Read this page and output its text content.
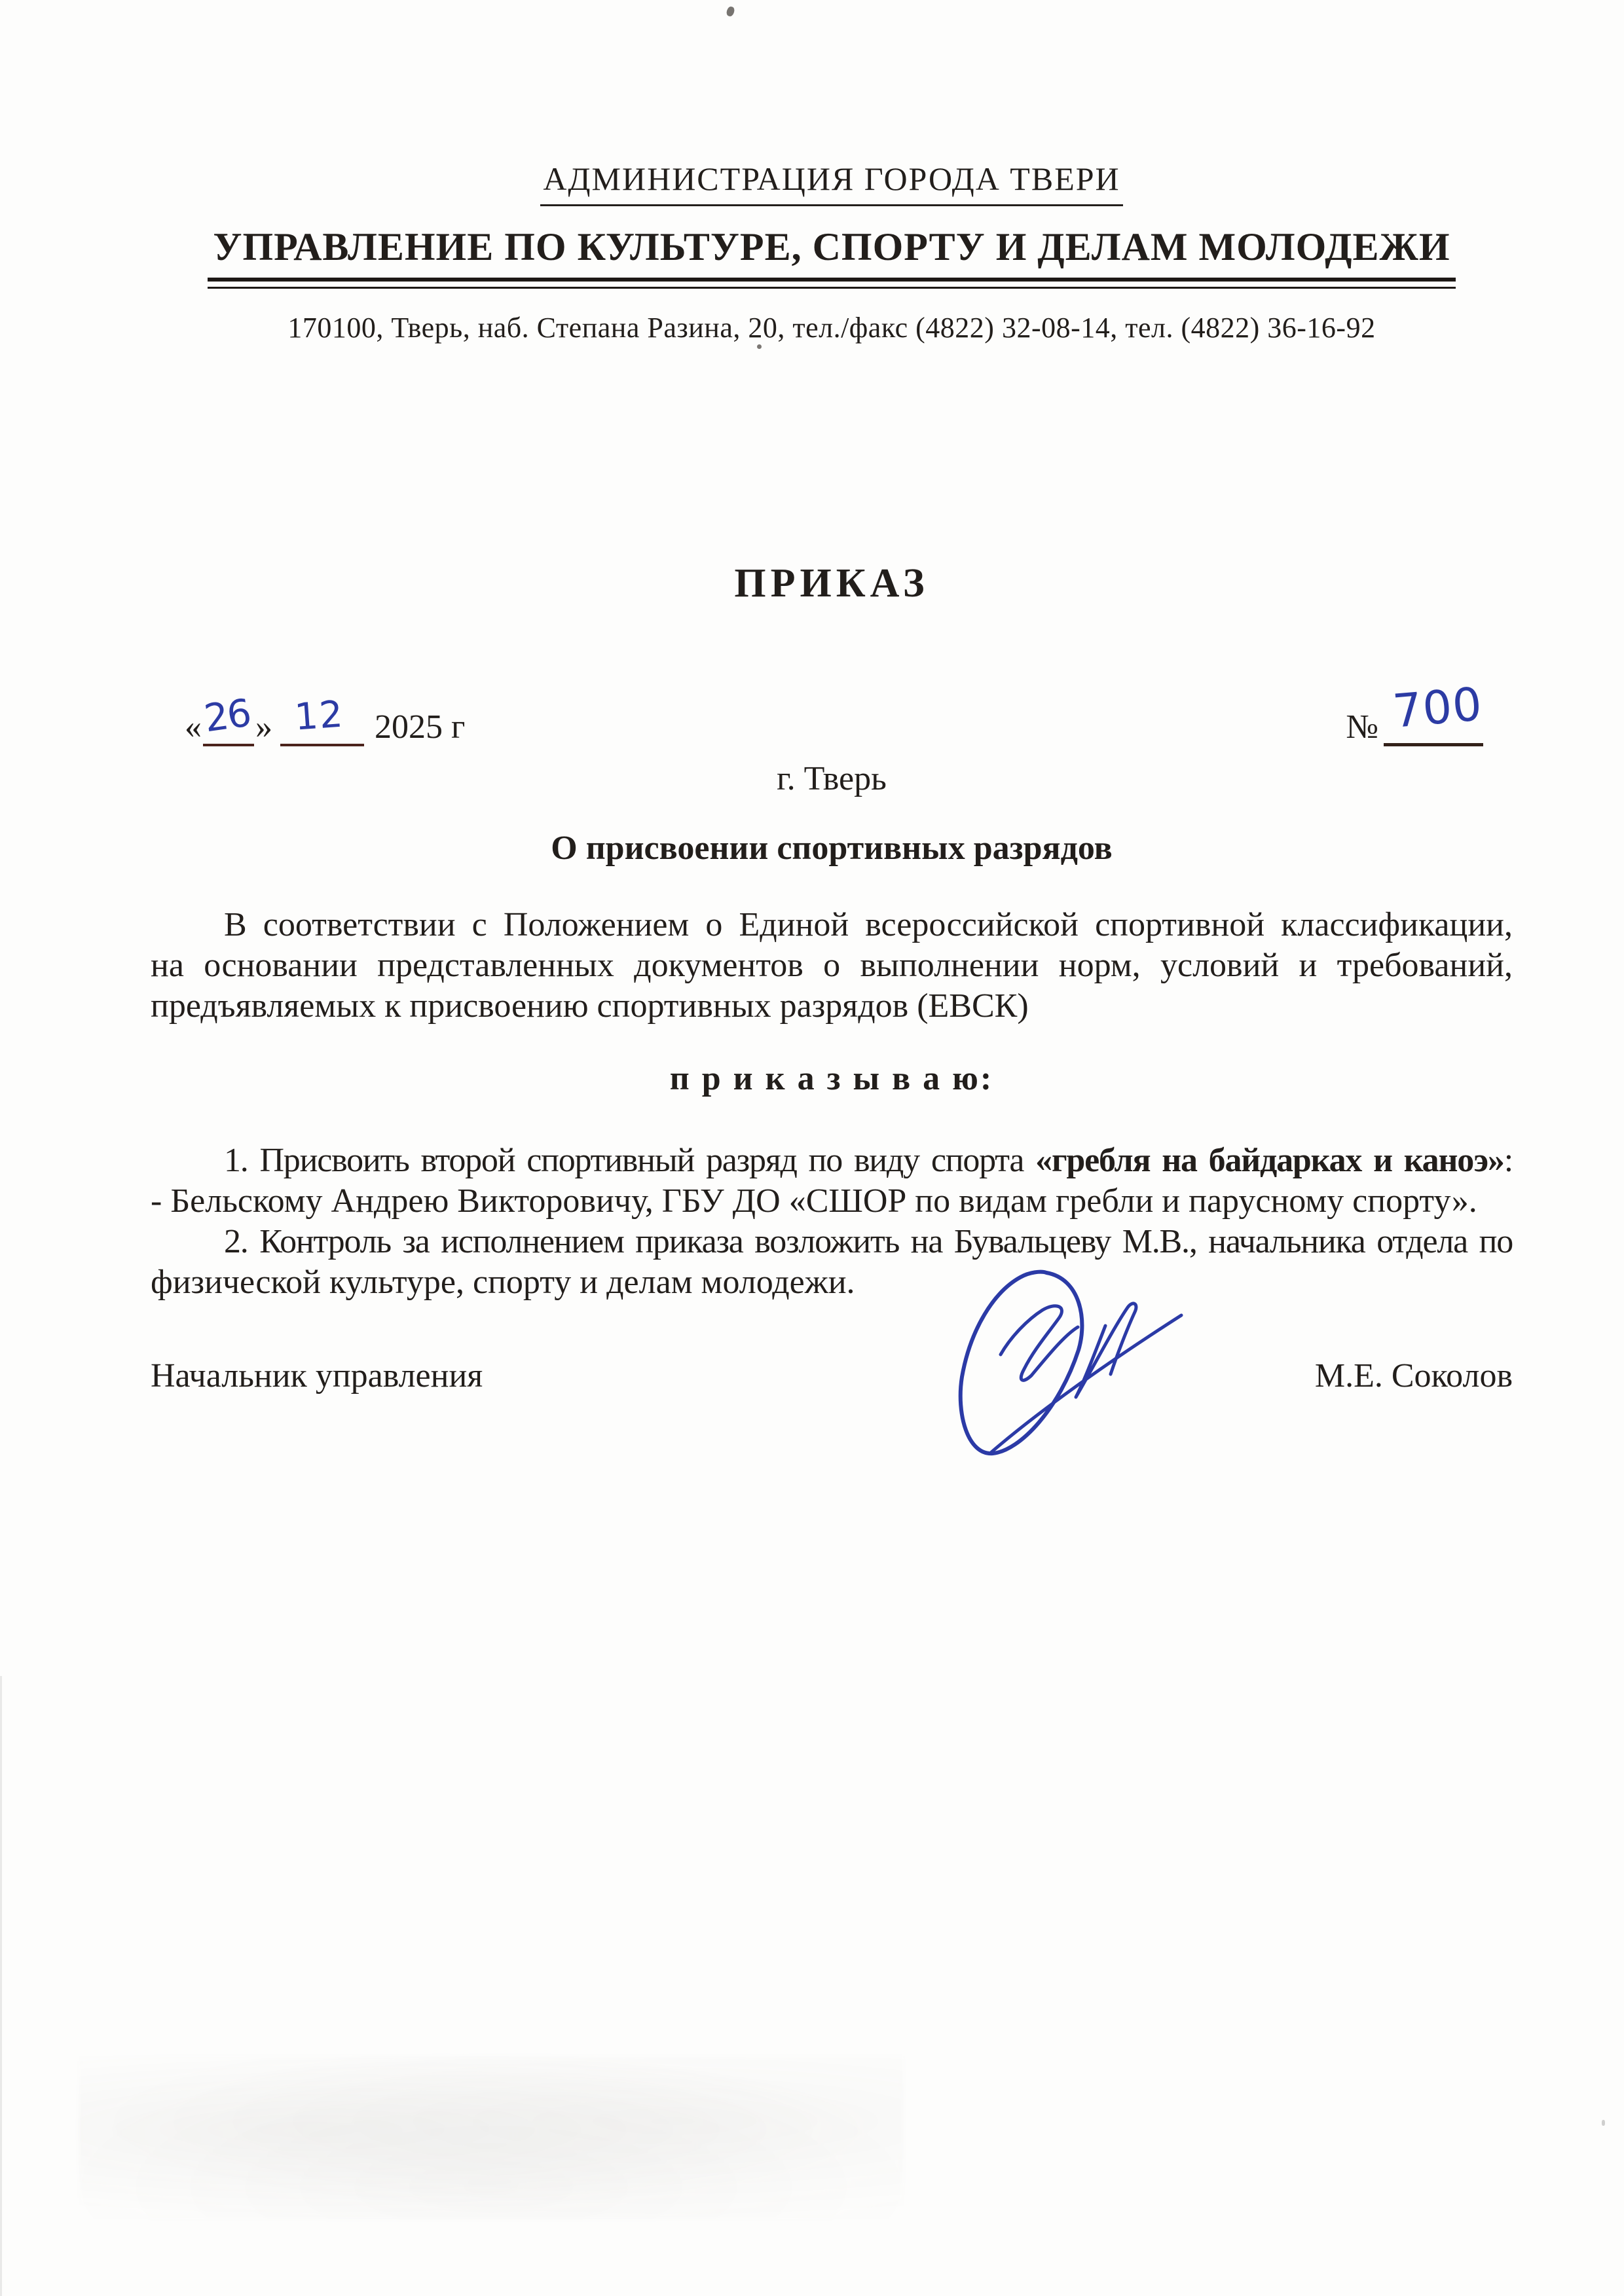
АДМИНИСТРАЦИЯ ГОРОДА ТВЕРИ
УПРАВЛЕНИЕ ПО КУЛЬТУРЕ, СПОРТУ И ДЕЛАМ МОЛОДЕЖИ
170100, Тверь, наб. Степана Разина, 20, тел./факс (4822) 32-08-14, тел. (4822) 36-16-92
ПРИКАЗ
« 26 » 12 2025 г	№ 700
г. Тверь
О присвоении спортивных разрядов
В соответствии с Положением о Единой всероссийской спортивной классификации,
на основании представленных документов о выполнении норм, условий и требований,
предъявляемых к присвоению спортивных разрядов (ЕВСК)
п р и к а з ы в а ю:
1. Присвоить второй спортивный разряд по виду спорта «гребля на байдарках и каноэ»:
- Бельскому Андрею Викторовичу, ГБУ ДО «СШОР по видам гребли и парусному спорту».
2. Контроль за исполнением приказа возложить на Бувальцеву М.В., начальника отдела по
физической культуре, спорту и делам молодежи.
Начальник управления	М.Е. Соколов
